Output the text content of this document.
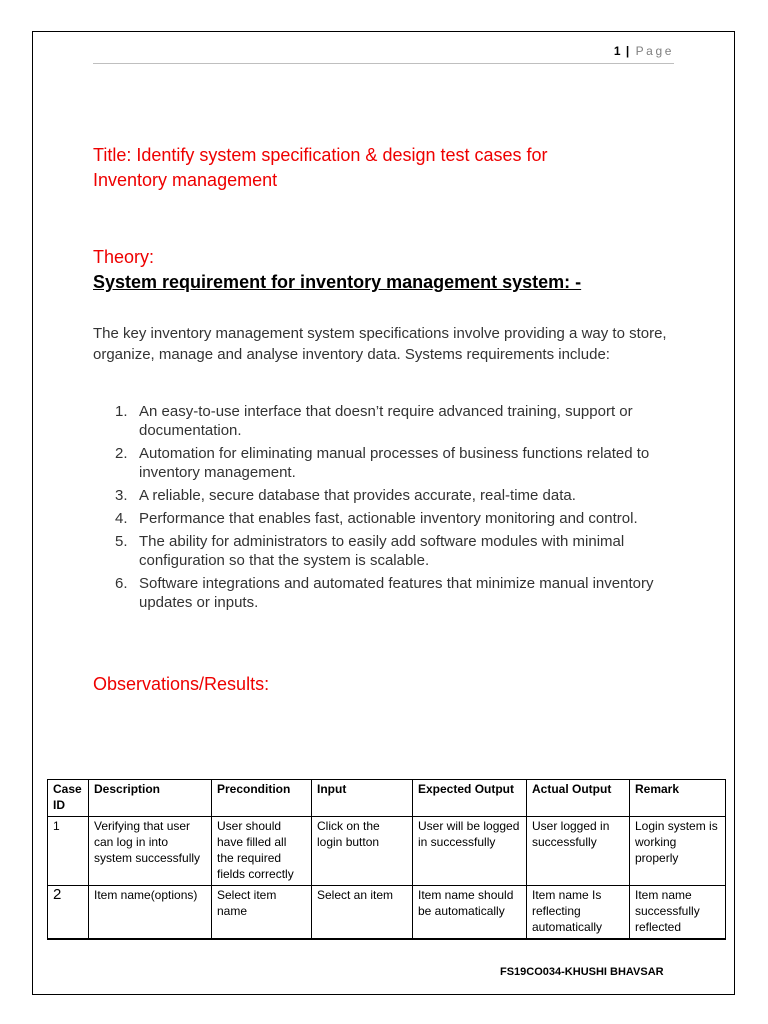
1 | Page
Title: Identify system specification & design test cases for
Inventory management
Theory:
System requirement for inventory management system: -
The key inventory management system specifications involve providing a way to store, organize, manage and analyse inventory data. Systems requirements include:
1. An easy-to-use interface that doesn’t require advanced training, support or documentation.
2. Automation for eliminating manual processes of business functions related to inventory management.
3. A reliable, secure database that provides accurate, real-time data.
4. Performance that enables fast, actionable inventory monitoring and control.
5. The ability for administrators to easily add software modules with minimal configuration so that the system is scalable.
6. Software integrations and automated features that minimize manual inventory updates or inputs.
Observations/Results:
Case ID	Description	Precondition	Input	Expected Output	Actual Output	Remark
1	Verifying that user can log in into system successfully	User should have filled all the required fields correctly	Click on the login button	User will be logged in successfully	User logged in successfully	Login system is working properly
2	Item name(options)	Select item name	Select an item	Item name should be automatically	Item name Is reflecting automatically	Item name successfully reflected
FS19CO034-KHUSHI BHAVSAR
